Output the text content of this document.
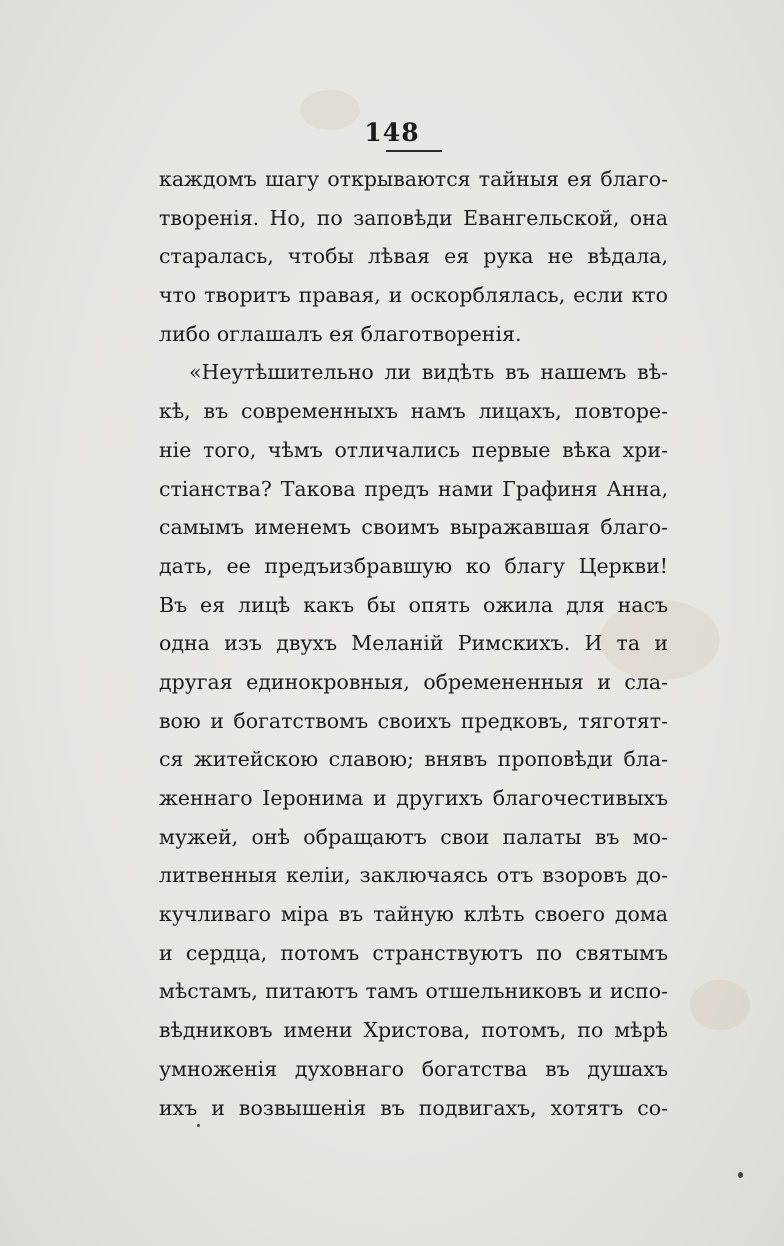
148
каждомъ шагу открываются тайныя ея благо-
творенія. Но, по заповѣди Евангельской, она
старалась, чтобы лѣвая ея рука не вѣдала,
что творитъ правая, и оскорблялась, если кто
либо оглашалъ ея благотворенія.
«Неутѣшительно ли видѣть въ нашемъ вѣ-
кѣ, въ современныхъ намъ лицахъ, повторе-
ніе того, чѣмъ отличались первые вѣка хри-
стіанства? Такова предъ нами Графиня Анна,
самымъ именемъ своимъ выражавшая благо-
дать, ее предъизбравшую ко благу Церкви!
Въ ея лицѣ какъ бы опять ожила для насъ
одна изъ двухъ Меланій Римскихъ. И та и
другая единокровныя, обремененныя и сла-
вою и богатствомъ своихъ предковъ, тяготят-
ся житейскою славою; внявъ проповѣди бла-
женнаго Іеронима и другихъ благочестивыхъ
мужей, онѣ обращаютъ свои палаты въ мо-
литвенныя келіи, заключаясь отъ взоровъ до-
кучливаго міра въ тайную клѣть своего дома
и сердца, потомъ странствуютъ по святымъ
мѣстамъ, питаютъ тамъ отшельниковъ и испо-
вѣдниковъ имени Христова, потомъ, по мѣрѣ
умноженія духовнаго богатства въ душахъ
ихъ и возвышенія въ подвигахъ, хотятъ со-
